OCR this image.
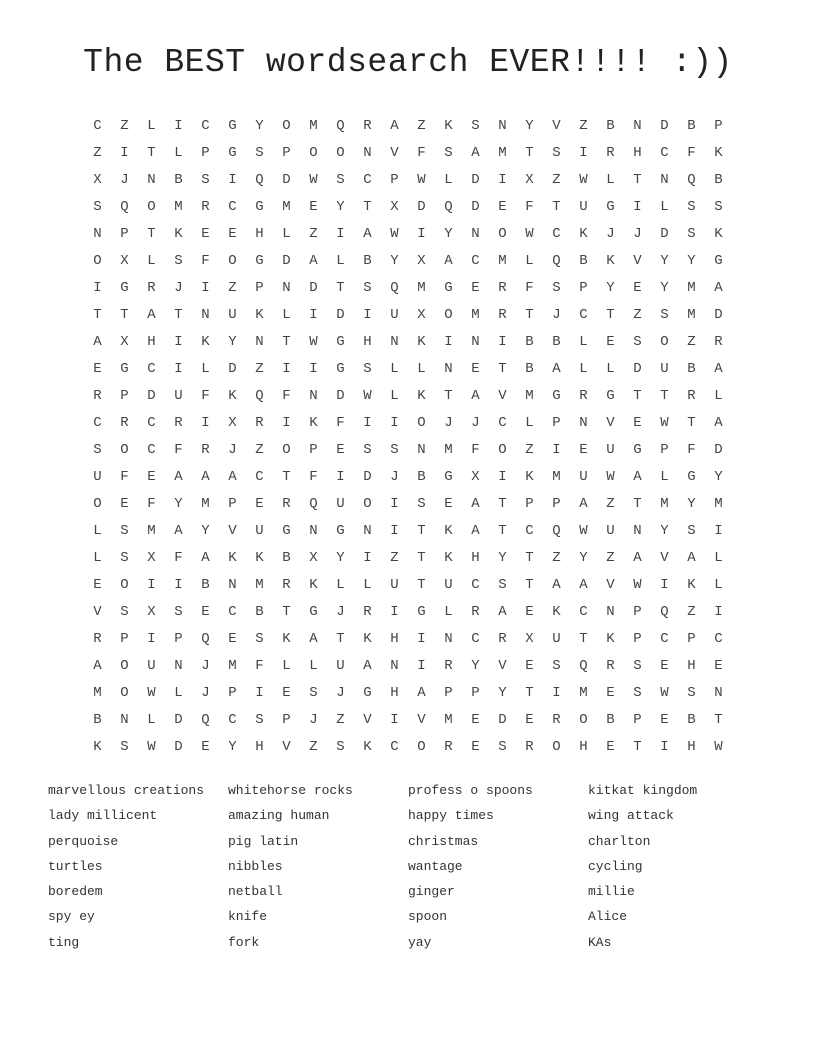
The BEST wordsearch EVER!!!! :))
C	Z	L	I	C	G	Y	O	M	Q	R	A	Z	K	S	N	Y	V	Z	B	N	D	B	P
Z	I	T	L	P	G	S	P	O	O	N	V	F	S	A	M	T	S	I	R	H	C	F	K
X	J	N	B	S	I	Q	D	W	S	C	P	W	L	D	I	X	Z	W	L	T	N	Q	B
S	Q	O	M	R	C	G	M	E	Y	T	X	D	Q	D	E	F	T	U	G	I	L	S	S
N	P	T	K	E	E	H	L	Z	I	A	W	I	Y	N	O	W	C	K	J	J	D	S	K
O	X	L	S	F	O	G	D	A	L	B	Y	X	A	C	M	L	Q	B	K	V	Y	Y	G
I	G	R	J	I	Z	P	N	D	T	S	Q	M	G	E	R	F	S	P	Y	E	Y	M	A
T	T	A	T	N	U	K	L	I	D	I	U	X	O	M	R	T	J	C	T	Z	S	M	D
A	X	H	I	K	Y	N	T	W	G	H	N	K	I	N	I	B	B	L	E	S	O	Z	R
E	G	C	I	L	D	Z	I	I	G	S	L	L	N	E	T	B	A	L	L	D	U	B	A
R	P	D	U	F	K	Q	F	N	D	W	L	K	T	A	V	M	G	R	G	T	T	R	L
C	R	C	R	I	X	R	I	K	F	I	I	O	J	J	C	L	P	N	V	E	W	T	A
S	O	C	F	R	J	Z	O	P	E	S	S	N	M	F	O	Z	I	E	U	G	P	F	D
U	F	E	A	A	A	C	T	F	I	D	J	B	G	X	I	K	M	U	W	A	L	G	Y
O	E	F	Y	M	P	E	R	Q	U	O	I	S	E	A	T	P	P	A	Z	T	M	Y	M
L	S	M	A	Y	V	U	G	N	G	N	I	T	K	A	T	C	Q	W	U	N	Y	S	I
L	S	X	F	A	K	K	B	X	Y	I	Z	T	K	H	Y	T	Z	Y	Z	A	V	A	L
E	O	I	I	B	N	M	R	K	L	L	U	T	U	C	S	T	A	A	V	W	I	K	L
V	S	X	S	E	C	B	T	G	J	R	I	G	L	R	A	E	K	C	N	P	Q	Z	I
R	P	I	P	Q	E	S	K	A	T	K	H	I	N	C	R	X	U	T	K	P	C	P	C
A	O	U	N	J	M	F	L	L	U	A	N	I	R	Y	V	E	S	Q	R	S	E	H	E
M	O	W	L	J	P	I	E	S	J	G	H	A	P	P	Y	T	I	M	E	S	W	S	N
B	N	L	D	Q	C	S	P	J	Z	V	I	V	M	E	D	E	R	O	B	P	E	B	T
K	S	W	D	E	Y	H	V	Z	S	K	C	O	R	E	S	R	O	H	E	T	I	H	W
marvellous creations
lady millicent
perquoise
turtles
boredem
spy ey
ting
whitehorse rocks
amazing human
pig latin
nibbles
netball
knife
fork
profess o spoons
happy times
christmas
wantage
ginger
spoon
yay
kitkat kingdom
wing attack
charlton
cycling
millie
Alice
KAs
